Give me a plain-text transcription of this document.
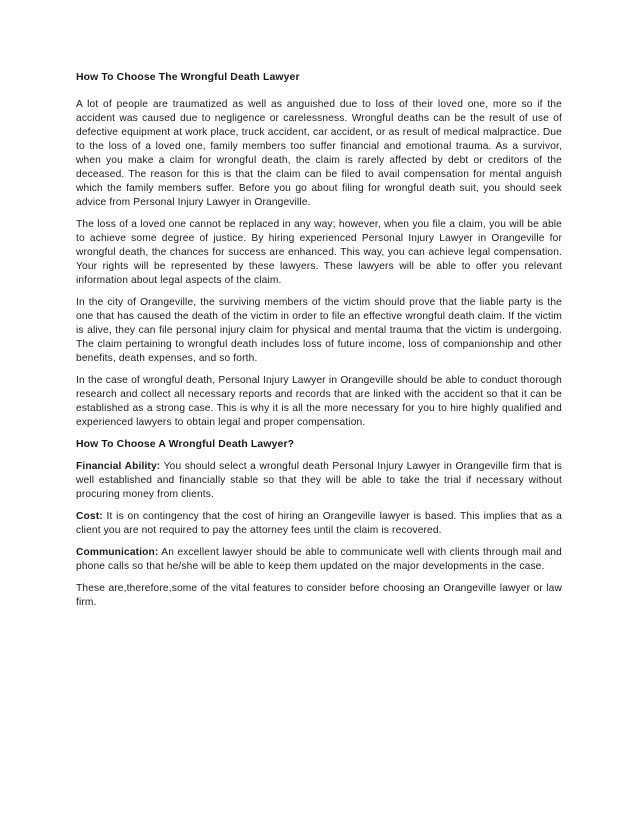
How To Choose The Wrongful Death Lawyer

A lot of people are traumatized as well as anguished due to loss of their loved one, more so if the accident was caused due to negligence or carelessness. Wrongful deaths can be the result of use of defective equipment at work place, truck accident, car accident, or as result of medical malpractice. Due to the loss of a loved one, family members too suffer financial and emotional trauma. As a survivor, when you make a claim for wrongful death, the claim is rarely affected by debt or creditors of the deceased. The reason for this is that the claim can be filed to avail compensation for mental anguish which the family members suffer. Before you go about filing for wrongful death suit, you should seek advice from Personal Injury Lawyer in Orangeville.

The loss of a loved one cannot be replaced in any way; however, when you file a claim, you will be able to achieve some degree of justice. By hiring experienced Personal Injury Lawyer in Orangeville for wrongful death, the chances for success are enhanced. This way, you can achieve legal compensation. Your rights will be represented by these lawyers. These lawyers will be able to offer you relevant information about legal aspects of the claim.

In the city of Orangeville, the surviving members of the victim should prove that the liable party is the one that has caused the death of the victim in order to file an effective wrongful death claim. If the victim is alive, they can file personal injury claim for physical and mental trauma that the victim is undergoing. The claim pertaining to wrongful death includes loss of future income, loss of companionship and other benefits, death expenses, and so forth.

In the case of wrongful death, Personal Injury Lawyer in Orangeville should be able to conduct thorough research and collect all necessary reports and records that are linked with the accident so that it can be established as a strong case. This is why it is all the more necessary for you to hire highly qualified and experienced lawyers to obtain legal and proper compensation.

How To Choose A Wrongful Death Lawyer?

Financial Ability: You should select a wrongful death Personal Injury Lawyer in Orangeville firm that is well established and financially stable so that they will be able to take the trial if necessary without procuring money from clients.

Cost: It is on contingency that the cost of hiring an Orangeville lawyer is based. This implies that as a client you are not required to pay the attorney fees until the claim is recovered.

Communication: An excellent lawyer should be able to communicate well with clients through mail and phone calls so that he/she will be able to keep them updated on the major developments in the case.

These are,therefore,some of the vital features to consider before choosing an Orangeville lawyer or law firm.
